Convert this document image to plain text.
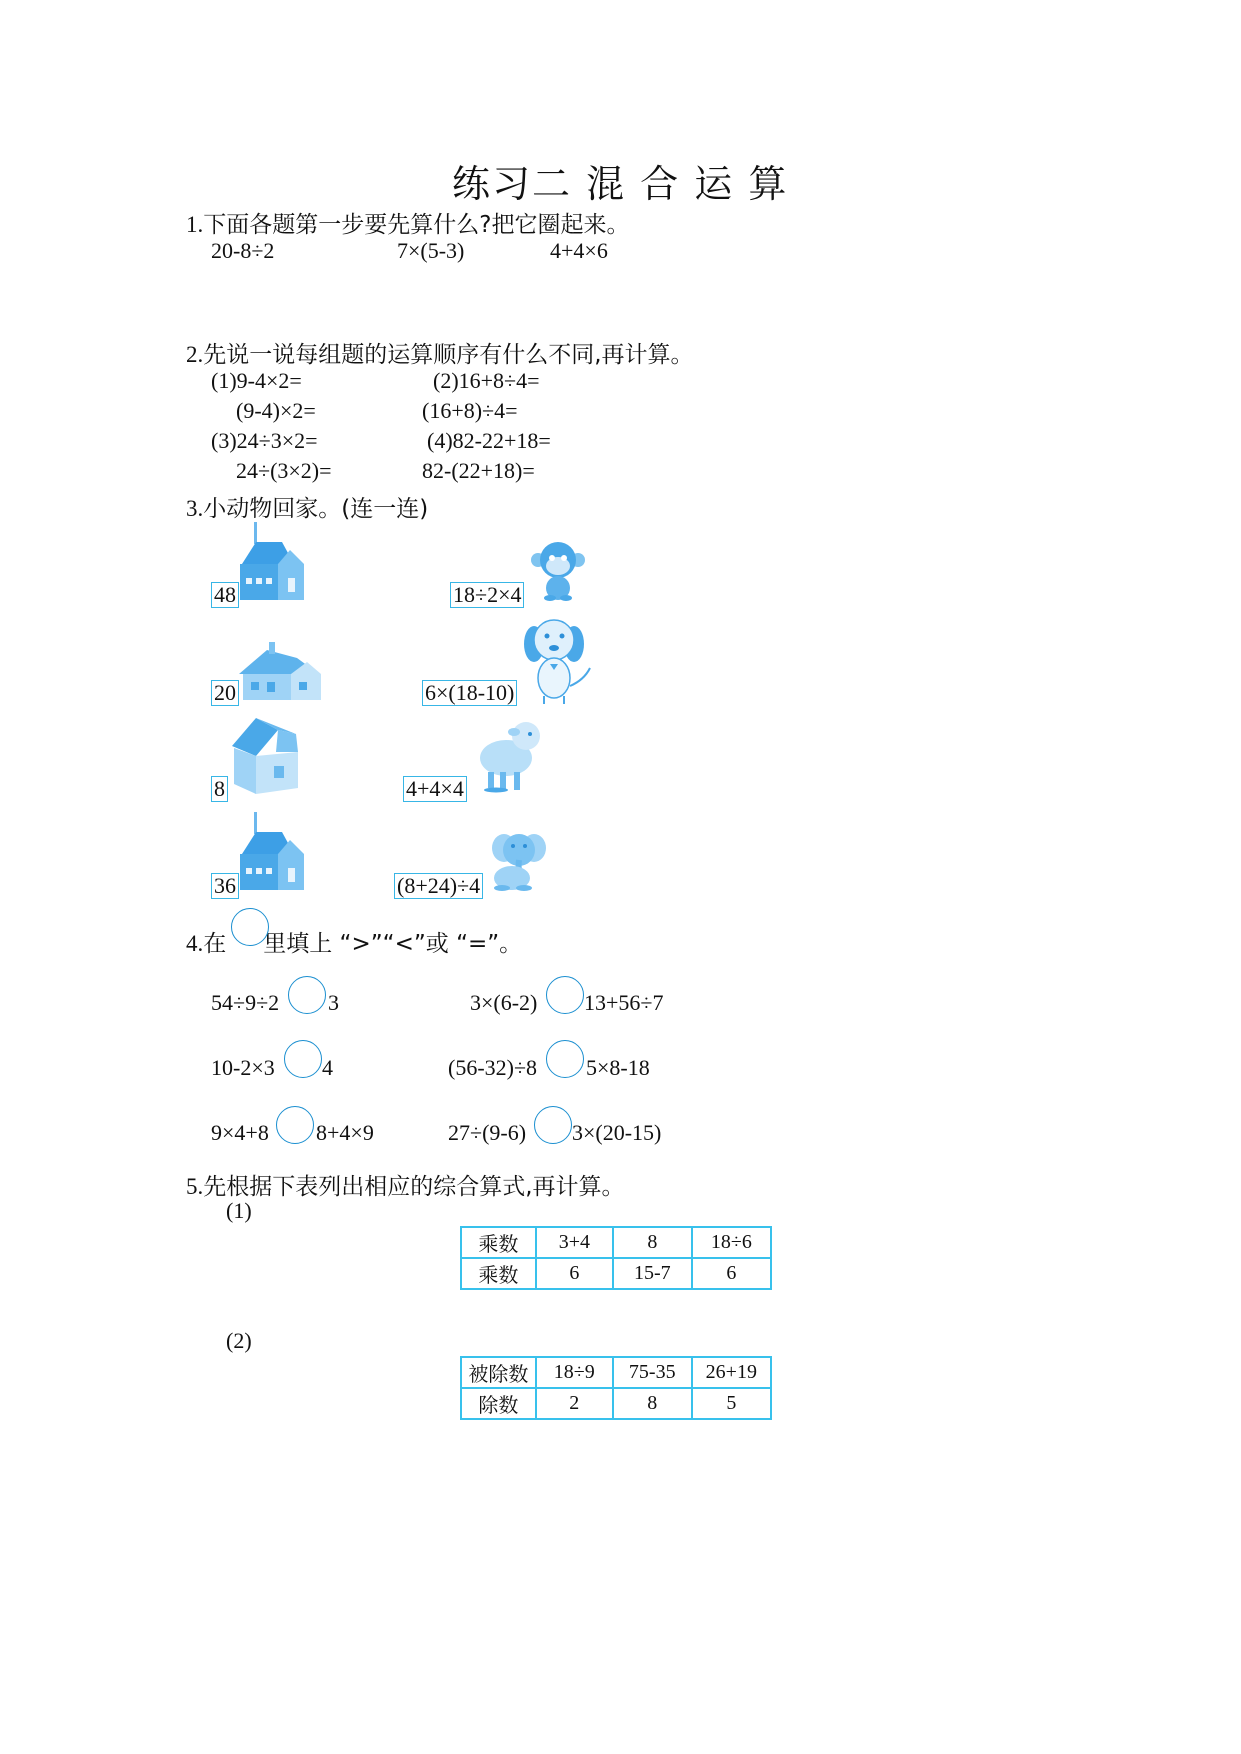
练习二 混 合 运 算
1.下面各题第一步要先算什么?把它圈起来。
20-8÷2	7×(5-3)	4+4×6
2.先说一说每组题的运算顺序有什么不同,再计算。
(1)9-4×2=	(2)16+8÷4=
(9-4)×2=	(16+8)÷4=
(3)24÷3×2=	(4)82-22+18=
24÷(3×2)=	82-(22+18)=
3.小动物回家。(连一连)
48	18÷2×4
20	6×(18-10)
8	4+4×4
36	(8+24)÷4
4.在 里填上 “>”“<”或 “=”。
54÷9÷2 3	3×(6-2) 13+56÷7
10-2×3 4	(56-32)÷8 5×8-18
9×4+8 8+4×9	27÷(9-6) 3×(20-15)
5.先根据下表列出相应的综合算式,再计算。
(1)
乘数	3+4	8	18÷6
乘数	6	15-7	6
(2)
被除数	18÷9	75-35	26+19
除数	2	8	5
